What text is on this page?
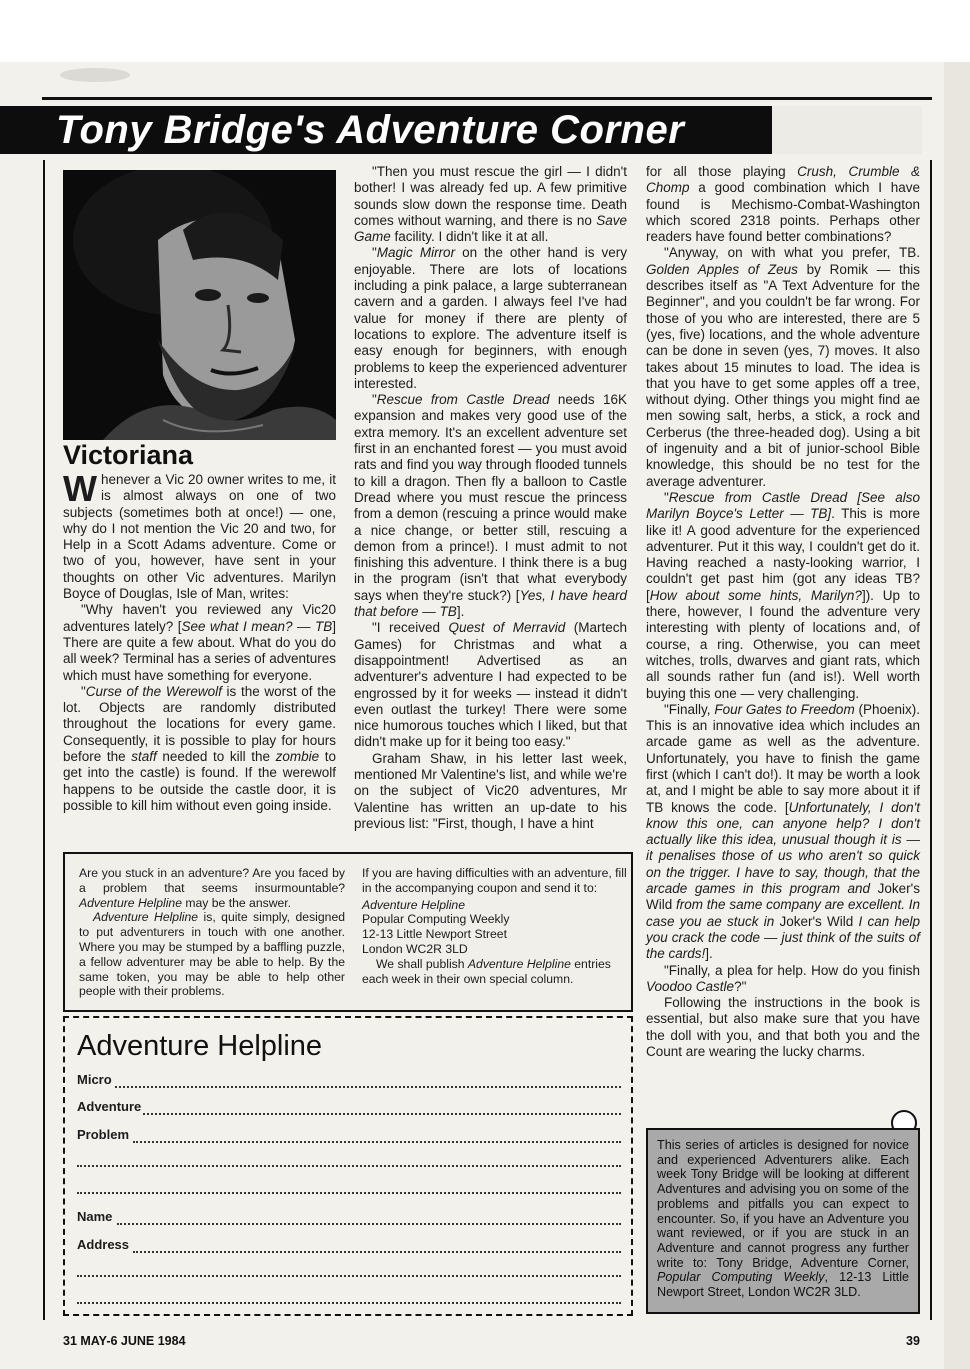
Tony Bridge's Adventure Corner
Victoriana

Whenever a Vic 20 owner writes to me, it is almost always on one of two subjects (sometimes both at once!) — one, why do I not mention the Vic 20 and two, for Help in a Scott Adams adventure. Come or two of you, however, have sent in your thoughts on other Vic adventures. Marilyn Boyce of Douglas, Isle of Man, writes:

"Why haven't you reviewed any Vic20 adventures lately? [See what I mean? — TB] There are quite a few about. What do you do all week? Terminal has a series of adventures which must have something for everyone.

"Curse of the Werewolf is the worst of the lot. Objects are randomly distributed throughout the locations for every game. Consequently, it is possible to play for hours before the staff needed to kill the zombie to get into the castle) is found. If the werewolf happens to be outside the castle door, it is possible to kill him without even going inside.

"Then you must rescue the girl — I didn't bother! I was already fed up. A few primitive sounds slow down the response time. Death comes without warning, and there is no Save Game facility. I didn't like it at all.

"Magic Mirror on the other hand is very enjoyable. There are lots of locations including a pink palace, a large subterranean cavern and a garden. I always feel I've had value for money if there are plenty of locations to explore. The adventure itself is easy enough for beginners, with enough problems to keep the experienced adventurer interested.

"Rescue from Castle Dread needs 16K expansion and makes very good use of the extra memory. It's an excellent adventure set first in an enchanted forest — you must avoid rats and find you way through flooded tunnels to kill a dragon. Then fly a balloon to Castle Dread where you must rescue the princess from a demon (rescuing a prince would make a nice change, or better still, rescuing a demon from a prince!). I must admit to not finishing this adventure. I think there is a bug in the program (isn't that what everybody says when they're stuck?) [Yes, I have heard that before — TB].

"I received Quest of Merravid (Martech Games) for Christmas and what a disappointment! Advertised as an adventurer's adventure I had expected to be engrossed by it for weeks — instead it didn't even outlast the turkey! There were some nice humorous touches which I liked, but that didn't make up for it being too easy."

Graham Shaw, in his letter last week, mentioned Mr Valentine's list, and while we're on the subject of Vic20 adventures, Mr Valentine has written an up-date to his previous list: "First, though, I have a hint

for all those playing Crush, Crumble & Chomp a good combination which I have found is Mechismo-Combat-Washington which scored 2318 points. Perhaps other readers have found better combinations?

"Anyway, on with what you prefer, TB. Golden Apples of Zeus by Romik — this describes itself as "A Text Adventure for the Beginner", and you couldn't be far wrong. For those of you who are interested, there are 5 (yes, five) locations, and the whole adventure can be done in seven (yes, 7) moves. It also takes about 15 minutes to load. The idea is that you have to get some apples off a tree, without dying. Other things you might find ae men sowing salt, herbs, a stick, a rock and Cerberus (the three-headed dog). Using a bit of ingenuity and a bit of junior-school Bible knowledge, this should be no test for the average adventurer.

"Rescue from Castle Dread [See also Marilyn Boyce's Letter — TB]. This is more like it! A good adventure for the experienced adventurer. Put it this way, I couldn't get do it. Having reached a nasty-looking warrior, I couldn't get past him (got any ideas TB? [How about some hints, Marilyn?]). Up to there, however, I found the adventure very interesting with plenty of locations and, of course, a ring. Otherwise, you can meet witches, trolls, dwarves and giant rats, which all sounds rather fun (and is!). Well worth buying this one — very challenging.

"Finally, Four Gates to Freedom (Phoenix). This is an innovative idea which includes an arcade game as well as the adventure. Unfortunately, you have to finish the game first (which I can't do!). It may be worth a look at, and I might be able to say more about it if TB knows the code. [Unfortunately, I don't know this one, can anyone help? I don't actually like this idea, unusual though it is — it penalises those of us who aren't so quick on the trigger. I have to say, though, that the arcade games in this program and Joker's Wild from the same company are excellent. In case you ae stuck in Joker's Wild I can help you crack the code — just think of the suits of the cards!].

"Finally, a plea for help. How do you finish Voodoo Castle?"

Following the instructions in the book is essential, but also make sure that you have the doll with you, and that both you and the Count are wearing the lucky charms.

Are you stuck in an adventure? Are you faced by a problem that seems insurmountable? Adventure Helpline may be the answer.

Adventure Helpline is, quite simply, designed to put adventurers in touch with one another. Where you may be stumped by a baffling puzzle, a fellow adventurer may be able to help. By the same token, you may be able to help other people with their problems.

If you are having difficulties with an adventure, fill in the accompanying coupon and send it to:

Adventure Helpline

Popular Computing Weekly

12-13 Little Newport Street

London WC2R 3LD

We shall publish Adventure Helpline entries each week in their own special column.

Adventure Helpline
Micro
Adventure
Problem
Name
Address

This series of articles is designed for novice and experienced Adventurers alike. Each week Tony Bridge will be looking at different Adventures and advising you on some of the problems and pitfalls you can expect to encounter. So, if you have an Adventure you want reviewed, or if you are stuck in an Adventure and cannot progress any further write to: Tony Bridge, Adventure Corner, Popular Computing Weekly, 12-13 Little Newport Street, London WC2R 3LD.

31 MAY-6 JUNE 1984	39
